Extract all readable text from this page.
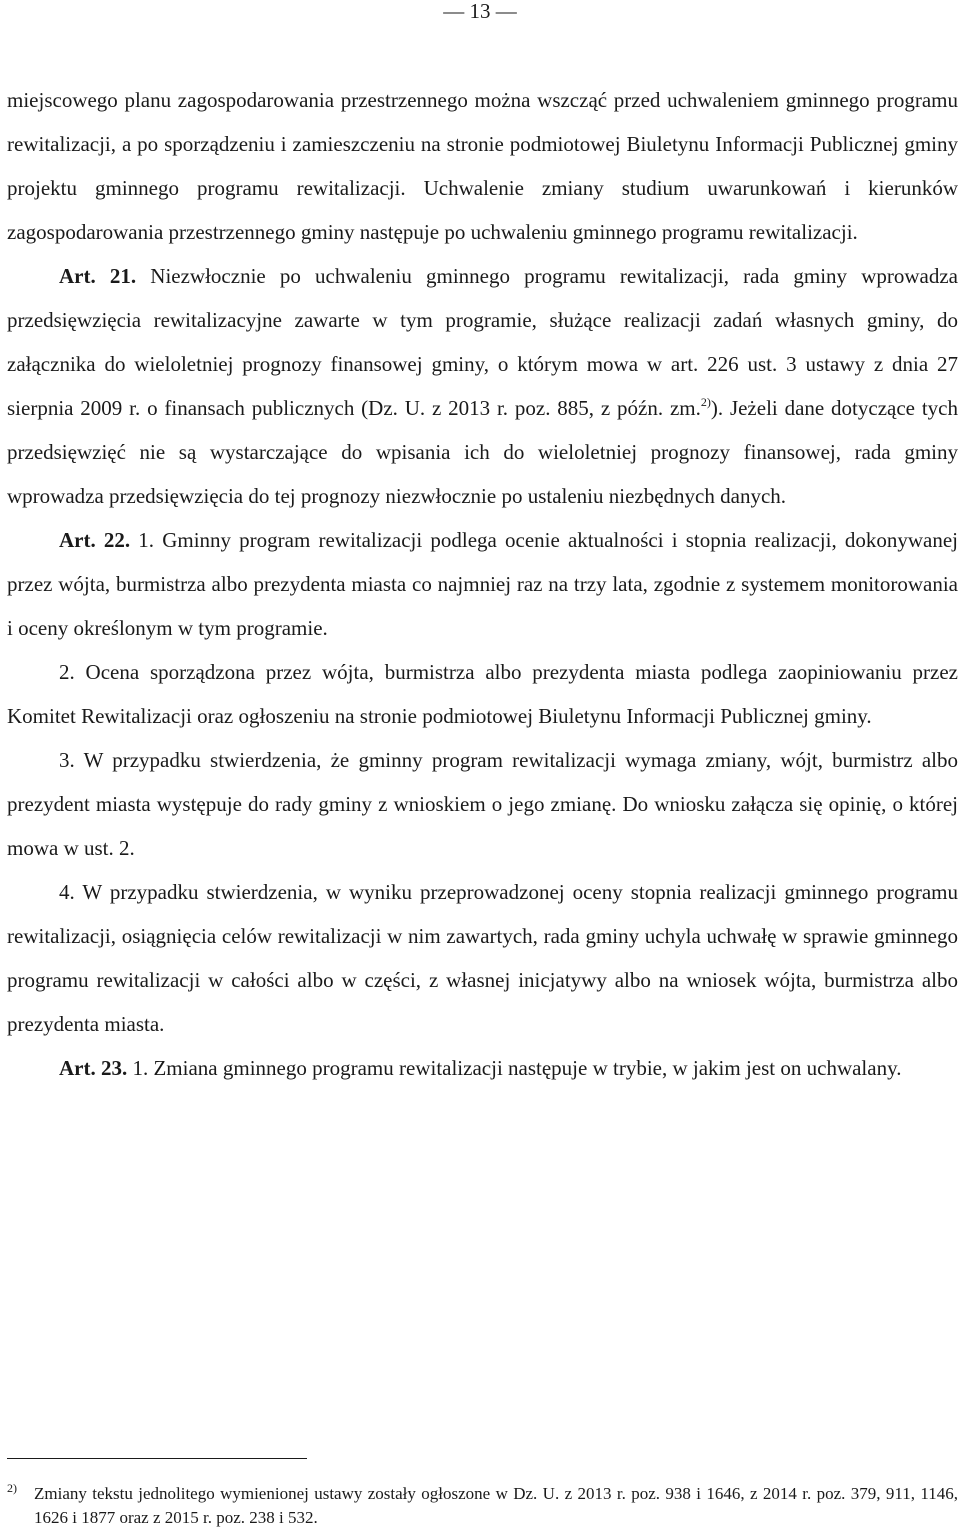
— 13 —

miejscowego planu zagospodarowania przestrzennego można wszcząć przed uchwaleniem gminnego programu rewitalizacji, a po sporządzeniu i zamieszczeniu na stronie podmiotowej Biuletynu Informacji Publicznej gminy projektu gminnego programu rewitalizacji. Uchwalenie zmiany studium uwarunkowań i kierunków zagospodarowania przestrzennego gminy następuje po uchwaleniu gminnego programu rewitalizacji.

Art. 21. Niezwłocznie po uchwaleniu gminnego programu rewitalizacji, rada gminy wprowadza przedsięwzięcia rewitalizacyjne zawarte w tym programie, służące realizacji zadań własnych gminy, do załącznika do wieloletniej prognozy finansowej gminy, o którym mowa w art. 226 ust. 3 ustawy z dnia 27 sierpnia 2009 r. o finansach publicznych (Dz. U. z 2013 r. poz. 885, z późn. zm.$^{2)}$). Jeżeli dane dotyczące tych przedsięwzięć nie są wystarczające do wpisania ich do wieloletniej prognozy finansowej, rada gminy wprowadza przedsięwzięcia do tej prognozy niezwłocznie po ustaleniu niezbędnych danych.

Art. 22. 1. Gminny program rewitalizacji podlega ocenie aktualności i stopnia realizacji, dokonywanej przez wójta, burmistrza albo prezydenta miasta co najmniej raz na trzy lata, zgodnie z systemem monitorowania i oceny określonym w tym programie.

2. Ocena sporządzona przez wójta, burmistrza albo prezydenta miasta podlega zaopiniowaniu przez Komitet Rewitalizacji oraz ogłoszeniu na stronie podmiotowej Biuletynu Informacji Publicznej gminy.

3. W przypadku stwierdzenia, że gminny program rewitalizacji wymaga zmiany, wójt, burmistrz albo prezydent miasta występuje do rady gminy z wnioskiem o jego zmianę. Do wniosku załącza się opinię, o której mowa w ust. 2.

4. W przypadku stwierdzenia, w wyniku przeprowadzonej oceny stopnia realizacji gminnego programu rewitalizacji, osiągnięcia celów rewitalizacji w nim zawartych, rada gminy uchyla uchwałę w sprawie gminnego programu rewitalizacji w całości albo w części, z własnej inicjatywy albo na wniosek wójta, burmistrza albo prezydenta miasta.

Art. 23. 1. Zmiana gminnego programu rewitalizacji następuje w trybie, w jakim jest on uchwalany.

2) Zmiany tekstu jednolitego wymienionej ustawy zostały ogłoszone w Dz. U. z 2013 r. poz. 938 i 1646, z 2014 r. poz. 379, 911, 1146, 1626 i 1877 oraz z 2015 r. poz. 238 i 532.
